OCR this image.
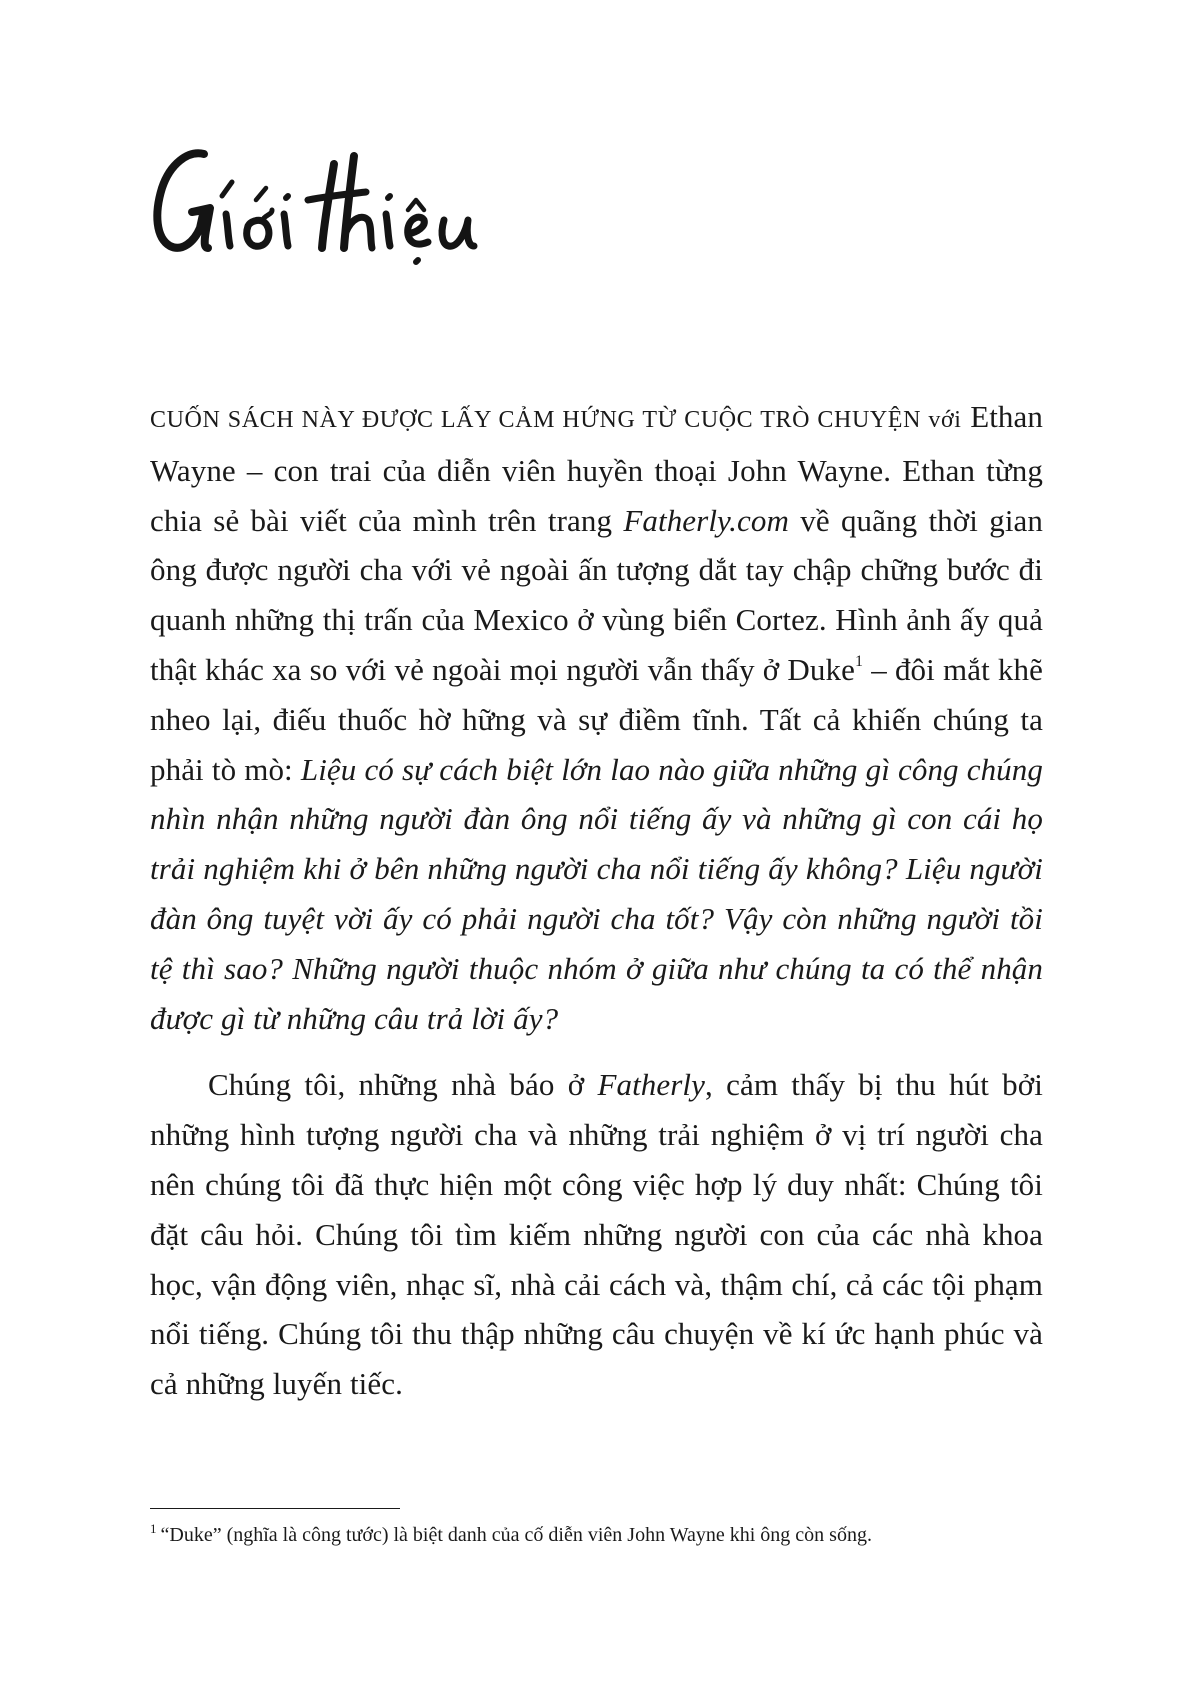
CUỐN SÁCH NÀY ĐƯỢC LẤY CẢM HỨNG TỪ CUỘC TRÒ CHUYỆN với Ethan Wayne – con trai của diễn viên huyền thoại John Wayne. Ethan từng chia sẻ bài viết của mình trên trang Fatherly.com về quãng thời gian ông được người cha với vẻ ngoài ấn tượng dắt tay chập chững bước đi quanh những thị trấn của Mexico ở vùng biển Cortez. Hình ảnh ấy quả thật khác xa so với vẻ ngoài mọi người vẫn thấy ở Duke$^1$ – đôi mắt khẽ nheo lại, điếu thuốc hờ hững và sự điềm tĩnh. Tất cả khiến chúng ta phải tò mò: Liệu có sự cách biệt lớn lao nào giữa những gì công chúng nhìn nhận những người đàn ông nổi tiếng ấy và những gì con cái họ trải nghiệm khi ở bên những người cha nổi tiếng ấy không? Liệu người đàn ông tuyệt vời ấy có phải người cha tốt? Vậy còn những người tồi tệ thì sao? Những người thuộc nhóm ở giữa như chúng ta có thể nhận được gì từ những câu trả lời ấy?

Chúng tôi, những nhà báo ở Fatherly, cảm thấy bị thu hút bởi những hình tượng người cha và những trải nghiệm ở vị trí người cha nên chúng tôi đã thực hiện một công việc hợp lý duy nhất: Chúng tôi đặt câu hỏi. Chúng tôi tìm kiếm những người con của các nhà khoa học, vận động viên, nhạc sĩ, nhà cải cách và, thậm chí, cả các tội phạm nổi tiếng. Chúng tôi thu thập những câu chuyện về kí ức hạnh phúc và cả những luyến tiếc.

$^1$ “Duke” (nghĩa là công tước) là biệt danh của cố diễn viên John Wayne khi ông còn sống.
